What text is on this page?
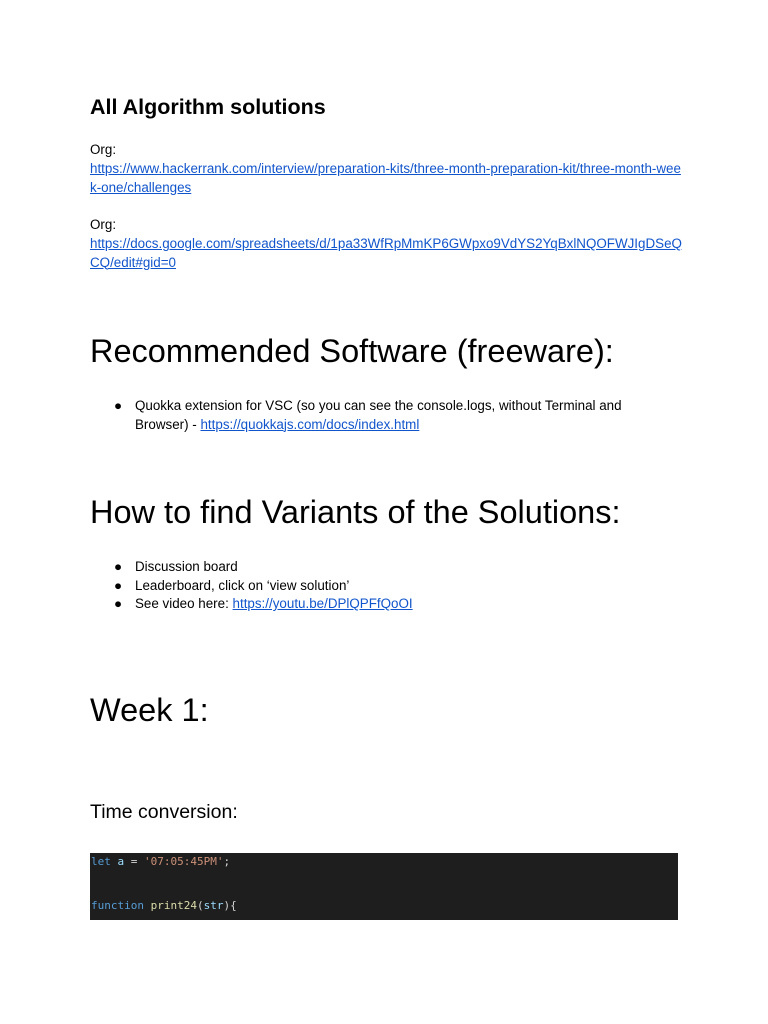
All Algorithm solutions
Org:
https://www.hackerrank.com/interview/preparation-kits/three-month-preparation-kit/three-month-week-one/challenges
Org:
https://docs.google.com/spreadsheets/d/1pa33WfRpMmKP6GWpxo9VdYS2YqBxlNQOFWJIgDSeQCQ/edit#gid=0
Recommended Software (freeware):
● Quokka extension for VSC (so you can see the console.logs, without Terminal and Browser) - https://quokkajs.com/docs/index.html
How to find Variants of the Solutions:
● Discussion board
● Leaderboard, click on ‘view solution’
● See video here: https://youtu.be/DPlQPFfQoOI
Week 1:
Time conversion:

let a = '07:05:45PM';

function print24(str){
